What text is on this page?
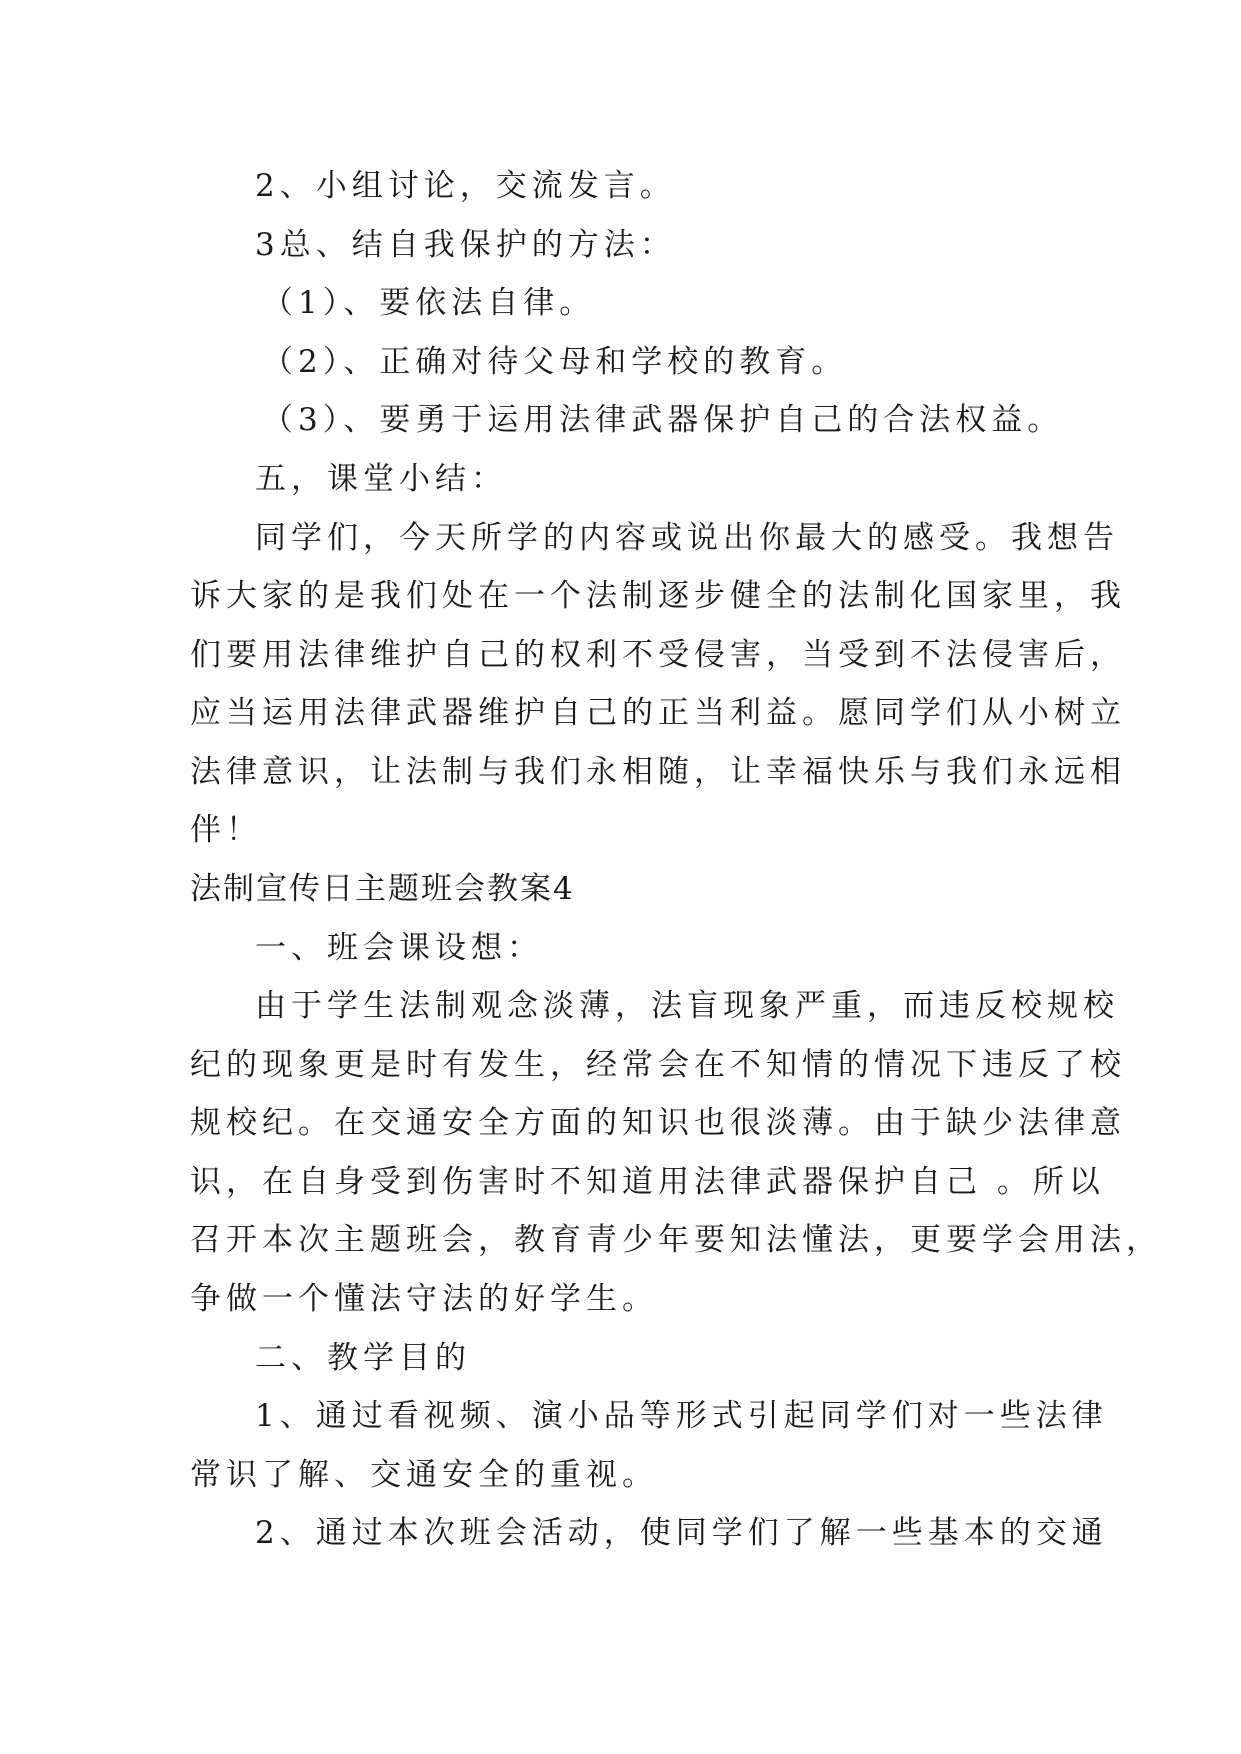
2、小组讨论，交流发言。
3总、结自我保护的方法：
（1）、要依法自律。
（2）、正确对待父母和学校的教育。
（3）、要勇于运用法律武器保护自己的合法权益。
五，课堂小结：
同学们，今天所学的内容或说出你最大的感受。我想告
诉大家的是我们处在一个法制逐步健全的法制化国家里，我
们要用法律维护自己的权利不受侵害，当受到不法侵害后，
应当运用法律武器维护自己的正当利益。愿同学们从小树立
法律意识，让法制与我们永相随，让幸福快乐与我们永远相
伴！
法制宣传日主题班会教案4
一、班会课设想：
由于学生法制观念淡薄，法盲现象严重，而违反校规校
纪的现象更是时有发生，经常会在不知情的情况下违反了校
规校纪。在交通安全方面的知识也很淡薄。由于缺少法律意
识，在自身受到伤害时不知道用法律武器保护自己 。所以
召开本次主题班会，教育青少年要知法懂法，更要学会用法，
争做一个懂法守法的好学生。
二、教学目的
1、通过看视频、演小品等形式引起同学们对一些法律
常识了解、交通安全的重视。
2、通过本次班会活动，使同学们了解一些基本的交通
